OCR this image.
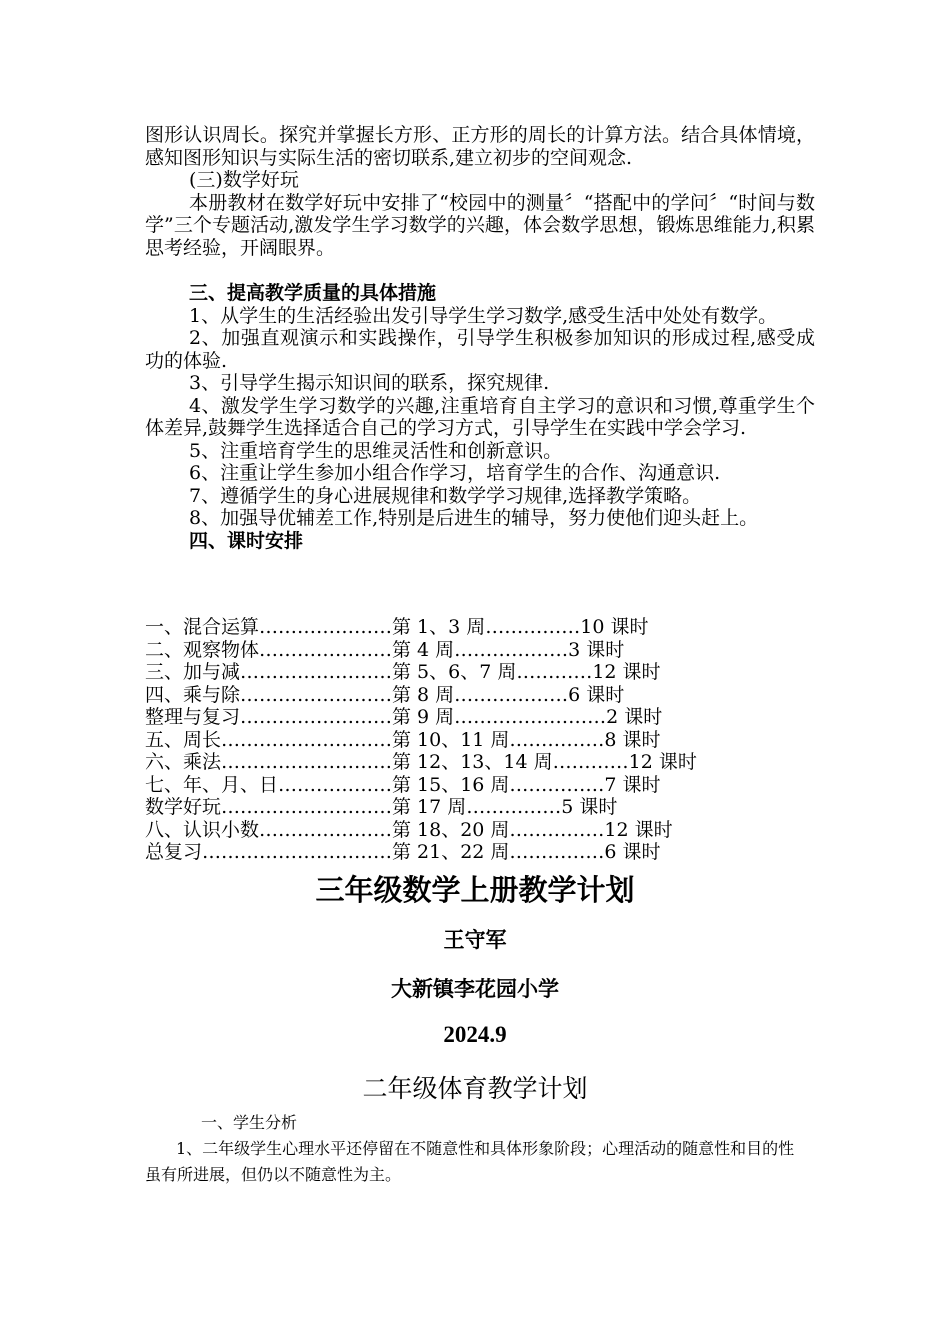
图形认识周长。探究并掌握长方形、正方形的周长的计算方法。结合具体情境，感知图形知识与实际生活的密切联系,建立初步的空间观念.

(三)数学好玩

本册教材在数学好玩中安排了“校园中的测量〞“搭配中的学问〞“时间与数学”三个专题活动,激发学生学习数学的兴趣，体会数学思想，锻炼思维能力,积累思考经验，开阔眼界。

三、提高教学质量的具体措施

1、从学生的生活经验出发引导学生学习数学,感受生活中处处有数学。

2、加强直观演示和实践操作，引导学生积极参加知识的形成过程,感受成功的体验.

3、引导学生揭示知识间的联系，探究规律.

4、激发学生学习数学的兴趣,注重培育自主学习的意识和习惯,尊重学生个体差异,鼓舞学生选择适合自己的学习方式，引导学生在实践中学会学习.

5、注重培育学生的思维灵活性和创新意识。

6、注重让学生参加小组合作学习，培育学生的合作、沟通意识.

7、遵循学生的身心进展规律和数学学习规律,选择教学策略。

8、加强导优辅差工作,特别是后进生的辅导，努力使他们迎头赶上。

四、课时安排

一、混合运算…………………第 1、3 周……………10 课时
二、观察物体…………………第 4 周………………3 课时
三、加与减……………………第 5、6、7 周…………12 课时
四、乘与除……………………第 8 周………………6 课时
整理与复习……………………第 9 周……………………2 课时
五、周长………………………第 10、11 周……………8 课时
六、乘法………………………第 12、13、14 周…………12 课时
七、年、月、日………………第 15、16 周……………7 课时
数学好玩………………………第 17 周……………5 课时
八、认识小数…………………第 18、20 周……………12 课时
总复习…………………………第 21、22 周……………6 课时
三年级数学上册教学计划
王守军
大新镇李花园小学
2024.9
二年级体育教学计划
一、学生分析
1、二年级学生心理水平还停留在不随意性和具体形象阶段；心理活动的随意性和目的性虽有所进展，但仍以不随意性为主。
